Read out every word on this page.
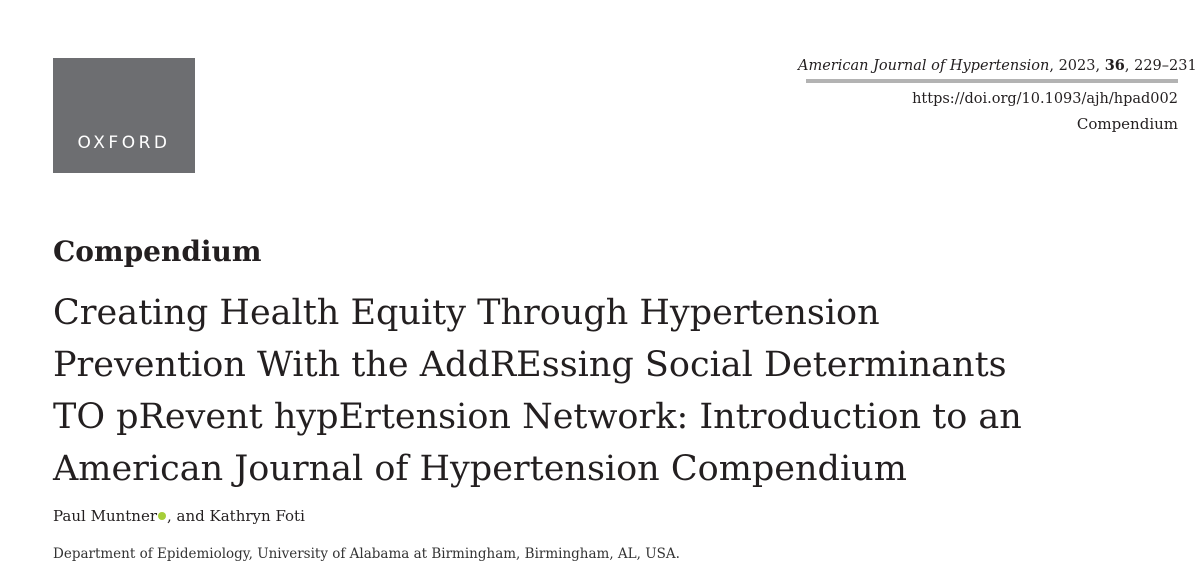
OXFORD
American Journal of Hypertension, 2023, 36, 229–231
https://doi.org/10.1093/ajh/hpad002
Compendium
Compendium
Creating Health Equity Through Hypertension
Prevention With the AddREssing Social Determinants
TO pRevent hypErtension Network: Introduction to an
American Journal of Hypertension Compendium
Paul Muntner , and Kathryn Foti
Department of Epidemiology, University of Alabama at Birmingham, Birmingham, AL, USA.
